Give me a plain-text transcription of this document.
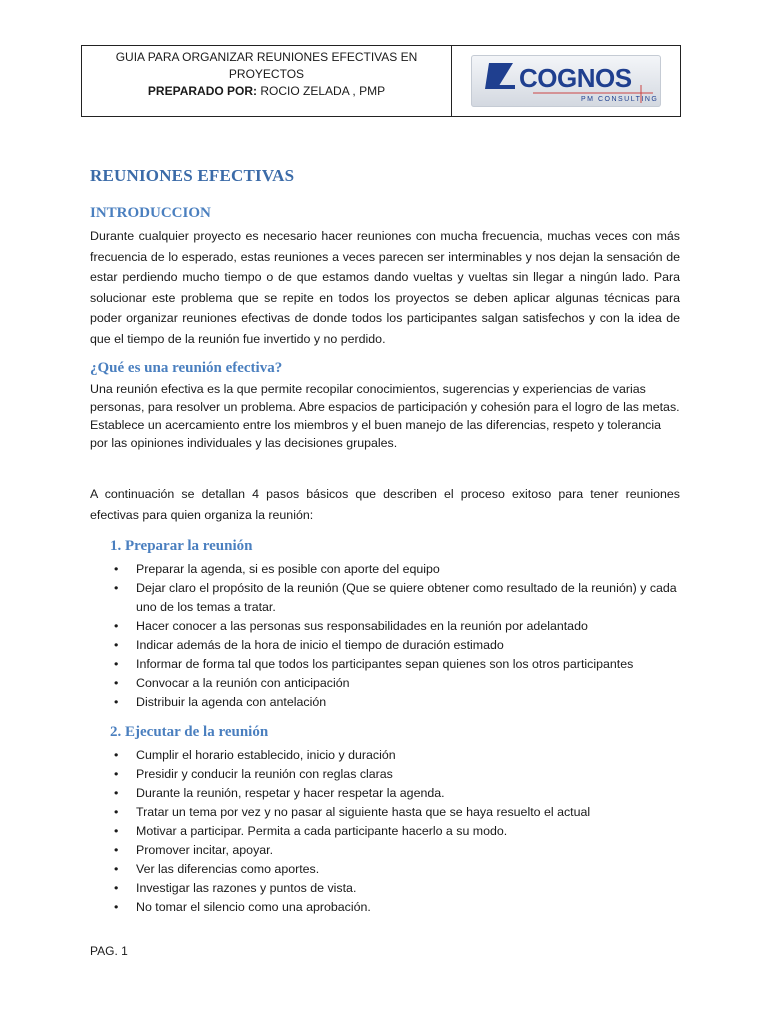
GUIA PARA ORGANIZAR REUNIONES EFECTIVAS EN
PROYECTOS
PREPARADO POR: ROCIO ZELADA , PMP	COGNOS
PM CONSULTING
REUNIONES EFECTIVAS
INTRODUCCION

Durante cualquier proyecto es necesario hacer reuniones con mucha frecuencia, muchas veces con más frecuencia de lo esperado, estas reuniones a veces parecen ser interminables y nos dejan la sensación de estar perdiendo mucho tiempo o de que estamos dando vueltas y vueltas sin llegar a ningún lado. Para solucionar este problema que se repite en todos los proyectos se deben aplicar algunas técnicas para poder organizar reuniones efectivas de donde todos los participantes salgan satisfechos y con la idea de que el tiempo de la reunión fue invertido y no perdido.

¿Qué es una reunión efectiva?

Una reunión efectiva es la que permite recopilar conocimientos, sugerencias y experiencias de varias personas, para resolver un problema. Abre espacios de participación y cohesión para el logro de las metas. Establece un acercamiento entre los miembros y el buen manejo de las diferencias, respeto y tolerancia por las opiniones individuales y las decisiones grupales.

A continuación se detallan 4 pasos básicos que describen el proceso exitoso para tener reuniones efectivas para quien organiza la reunión:

1. Preparar la reunión
• Preparar la agenda, si es posible con aporte del equipo
• Dejar claro el propósito de la reunión (Que se quiere obtener como resultado de la reunión) y cada uno de los temas a tratar.
• Hacer conocer a las personas sus responsabilidades en la reunión por adelantado
• Indicar además de la hora de inicio el tiempo de duración estimado
• Informar de forma tal que todos los participantes sepan quienes son los otros participantes
• Convocar a la reunión con anticipación
• Distribuir la agenda con antelación
2. Ejecutar de la reunión
• Cumplir el horario establecido, inicio y duración
• Presidir y conducir la reunión con reglas claras
• Durante la reunión, respetar y hacer respetar la agenda.
• Tratar un tema por vez y no pasar al siguiente hasta que se haya resuelto el actual
• Motivar a participar. Permita a cada participante hacerlo a su modo.
• Promover incitar, apoyar.
• Ver las diferencias como aportes.
• Investigar las razones y puntos de vista.
• No tomar el silencio como una aprobación.
PAG. 1
